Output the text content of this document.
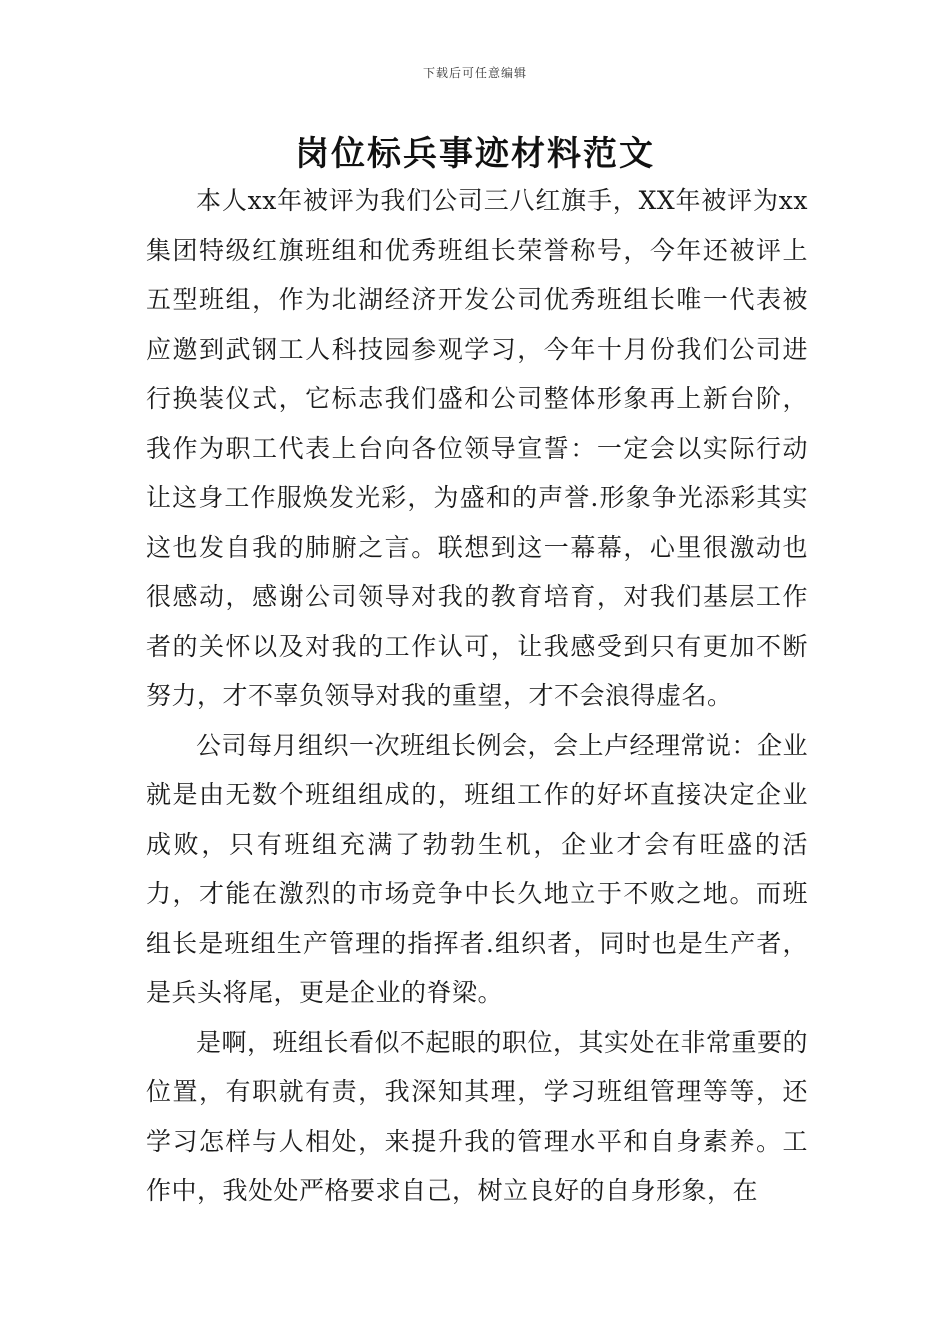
下载后可任意编辑
岗位标兵事迹材料范文

本人xx年被评为我们公司三八红旗手，XX年被评为xx集团特级红旗班组和优秀班组长荣誉称号，今年还被评上五型班组，作为北湖经济开发公司优秀班组长唯一代表被应邀到武钢工人科技园参观学习，今年十月份我们公司进行换装仪式，它标志我们盛和公司整体形象再上新台阶，我作为职工代表上台向各位领导宣誓：一定会以实际行动让这身工作服焕发光彩，为盛和的声誉.形象争光添彩其实这也发自我的肺腑之言。联想到这一幕幕，心里很激动也很感动，感谢公司领导对我的教育培育，对我们基层工作者的关怀以及对我的工作认可，让我感受到只有更加不断努力，才不辜负领导对我的重望，才不会浪得虚名。

公司每月组织一次班组长例会，会上卢经理常说：企业就是由无数个班组组成的，班组工作的好坏直接决定企业成败，只有班组充满了勃勃生机，企业才会有旺盛的活力，才能在激烈的市场竞争中长久地立于不败之地。而班组长是班组生产管理的指挥者.组织者，同时也是生产者，是兵头将尾，更是企业的脊梁。

是啊，班组长看似不起眼的职位，其实处在非常重要的位置，有职就有责，我深知其理，学习班组管理等等，还学习怎样与人相处，来提升我的管理水平和自身素养。工作中，我处处严格要求自己，树立良好的自身形象，在
